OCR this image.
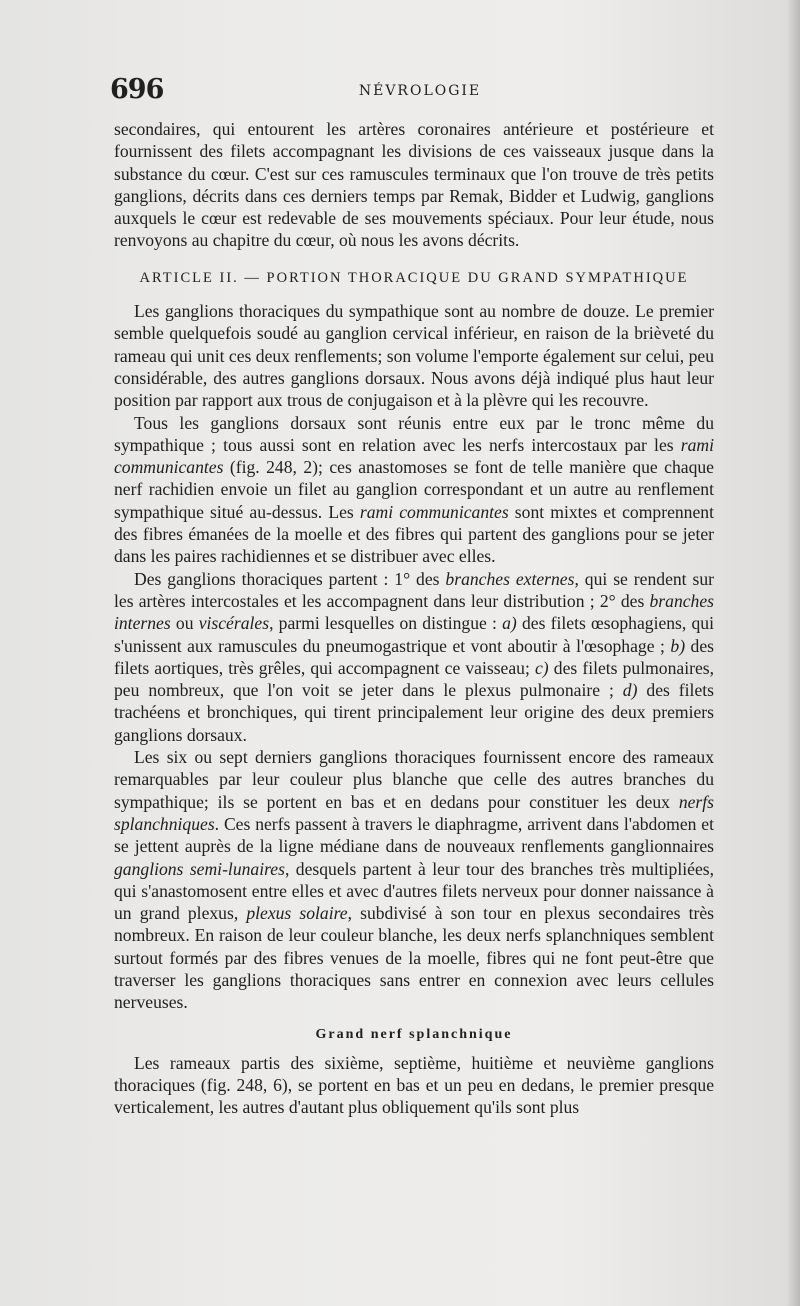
696	NÉVROLOGIE

secondaires, qui entourent les artères coronaires antérieure et postérieure et fournissent des filets accompagnant les divisions de ces vaisseaux jusque dans la substance du cœur. C'est sur ces ramuscules terminaux que l'on trouve de très petits ganglions, décrits dans ces derniers temps par Remak, Bidder et Ludwig, ganglions auxquels le cœur est redevable de ses mouvements spéciaux. Pour leur étude, nous renvoyons au chapitre du cœur, où nous les avons décrits.

ARTICLE II. — PORTION THORACIQUE DU GRAND SYMPATHIQUE

Les ganglions thoraciques du sympathique sont au nombre de douze. Le premier semble quelquefois soudé au ganglion cervical inférieur, en raison de la brièveté du rameau qui unit ces deux renflements; son volume l'emporte également sur celui, peu considérable, des autres ganglions dorsaux. Nous avons déjà indiqué plus haut leur position par rapport aux trous de conjugaison et à la plèvre qui les recouvre.

Tous les ganglions dorsaux sont réunis entre eux par le tronc même du sympathique ; tous aussi sont en relation avec les nerfs intercostaux par les rami communicantes (fig. 248, 2); ces anastomoses se font de telle manière que chaque nerf rachidien envoie un filet au ganglion correspondant et un autre au renflement sympathique situé au-dessus. Les rami communicantes sont mixtes et comprennent des fibres émanées de la moelle et des fibres qui partent des ganglions pour se jeter dans les paires rachidiennes et se distribuer avec elles.

Des ganglions thoraciques partent : 1° des branches externes, qui se rendent sur les artères intercostales et les accompagnent dans leur distribution ; 2° des branches internes ou viscérales, parmi lesquelles on distingue : a) des filets œsophagiens, qui s'unissent aux ramuscules du pneumogastrique et vont aboutir à l'œsophage ; b) des filets aortiques, très grêles, qui accompagnent ce vaisseau; c) des filets pulmonaires, peu nombreux, que l'on voit se jeter dans le plexus pulmonaire ; d) des filets trachéens et bronchiques, qui tirent principalement leur origine des deux premiers ganglions dorsaux.

Les six ou sept derniers ganglions thoraciques fournissent encore des rameaux remarquables par leur couleur plus blanche que celle des autres branches du sympathique; ils se portent en bas et en dedans pour constituer les deux nerfs splanchniques. Ces nerfs passent à travers le diaphragme, arrivent dans l'abdomen et se jettent auprès de la ligne médiane dans de nouveaux renflements ganglionnaires ganglions semi-lunaires, desquels partent à leur tour des branches très multipliées, qui s'anastomosent entre elles et avec d'autres filets nerveux pour donner naissance à un grand plexus, plexus solaire, subdivisé à son tour en plexus secondaires très nombreux. En raison de leur couleur blanche, les deux nerfs splanchniques semblent surtout formés par des fibres venues de la moelle, fibres qui ne font peut-être que traverser les ganglions thoraciques sans entrer en connexion avec leurs cellules nerveuses.

Grand nerf splanchnique

Les rameaux partis des sixième, septième, huitième et neuvième ganglions thoraciques (fig. 248, 6), se portent en bas et un peu en dedans, le premier presque verticalement, les autres d'autant plus obliquement qu'ils sont plus
